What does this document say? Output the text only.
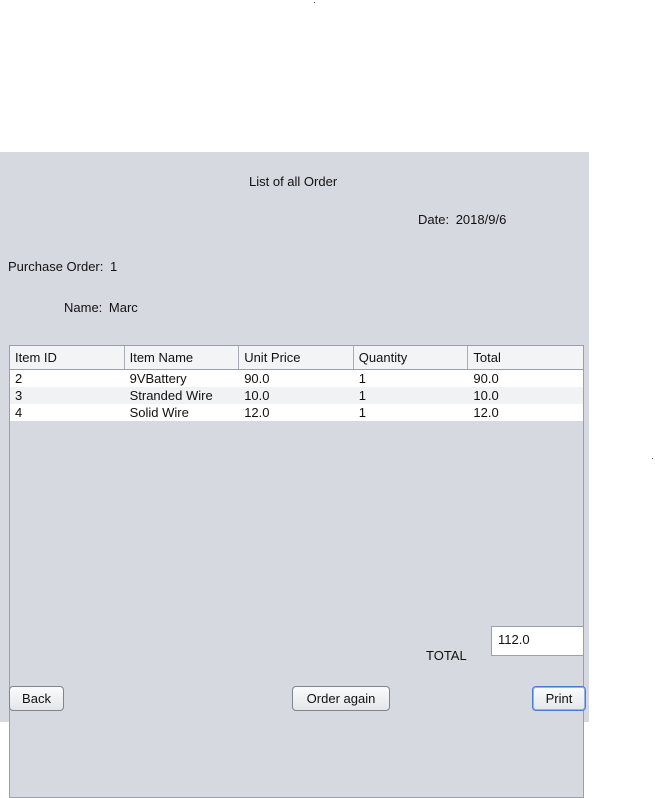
List of all Order
Date: 2018/9/6
Purchase Order: 1
Name: Marc
Item ID	Item Name	Unit Price	Quantity	Total
2	9VBattery	90.0	1	90.0
3	Stranded Wire	10.0	1	10.0
4	Solid Wire	12.0	1	12.0
TOTAL
112.0
Back	Order again	Print
